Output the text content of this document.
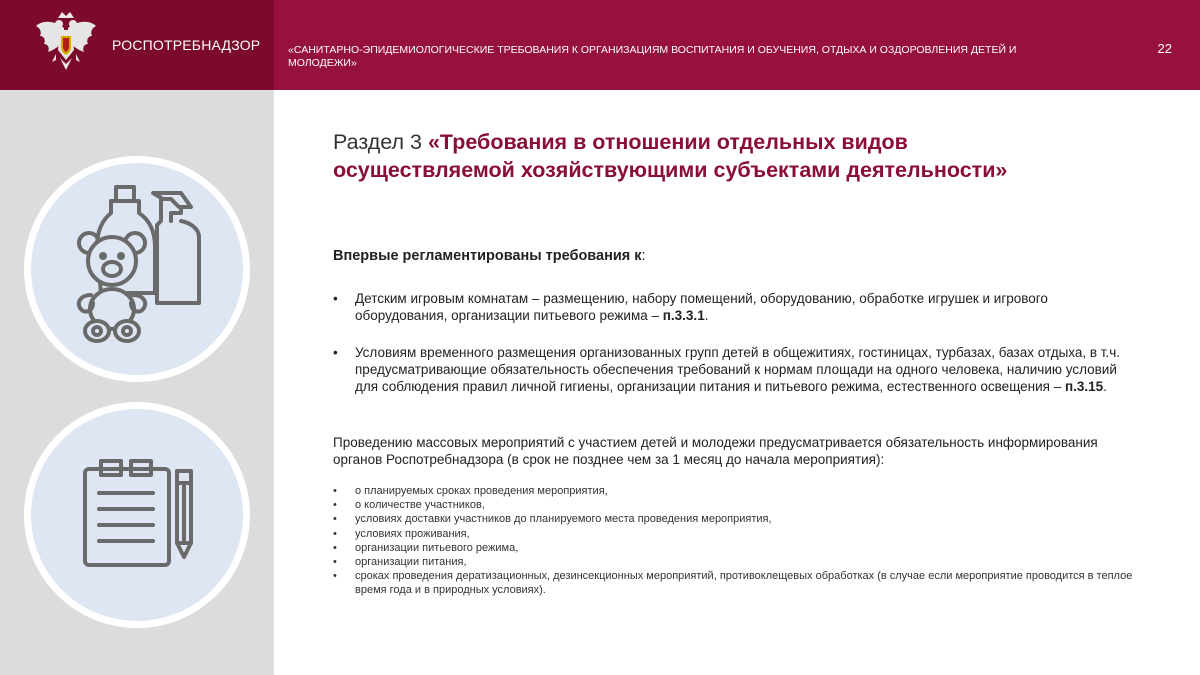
РОСПОТРЕБНАДЗОР	«САНИТАРНО-ЭПИДЕМИОЛОГИЧЕСКИЕ ТРЕБОВАНИЯ К ОРГАНИЗАЦИЯМ ВОСПИТАНИЯ И ОБУЧЕНИЯ, ОТДЫХА И ОЗДОРОВЛЕНИЯ ДЕТЕЙ И МОЛОДЕЖИ»
22
Раздел 3 «Требования в отношении отдельных видов
осуществляемой хозяйствующими субъектами деятельности»
Впервые регламентированы требования к:
• Детским игровым комнатам – размещению, набору помещений, оборудованию, обработке игрушек и игрового оборудования, организации питьевого режима – п.3.3.1.
• Условиям временного размещения организованных групп детей в общежитиях, гостиницах, турбазах, базах отдыха, в т.ч. предусматривающие обязательность обеспечения требований к нормам площади на одного человека, наличию условий для соблюдения правил личной гигиены, организации питания и питьевого режима, естественного освещения – п.3.15.
Проведению массовых мероприятий с участием детей и молодежи предусматривается обязательность информирования органов Роспотребнадзора (в срок не позднее чем за 1 месяц до начала мероприятия):
• о планируемых сроках проведения мероприятия,
• о количестве участников,
• условиях доставки участников до планируемого места проведения мероприятия,
• условиях проживания,
• организации питьевого режима,
• организации питания,
• сроках проведения дератизационных, дезинсекционных мероприятий, противоклещевых обработках (в случае если мероприятие проводится в теплое время года и в природных условиях).
